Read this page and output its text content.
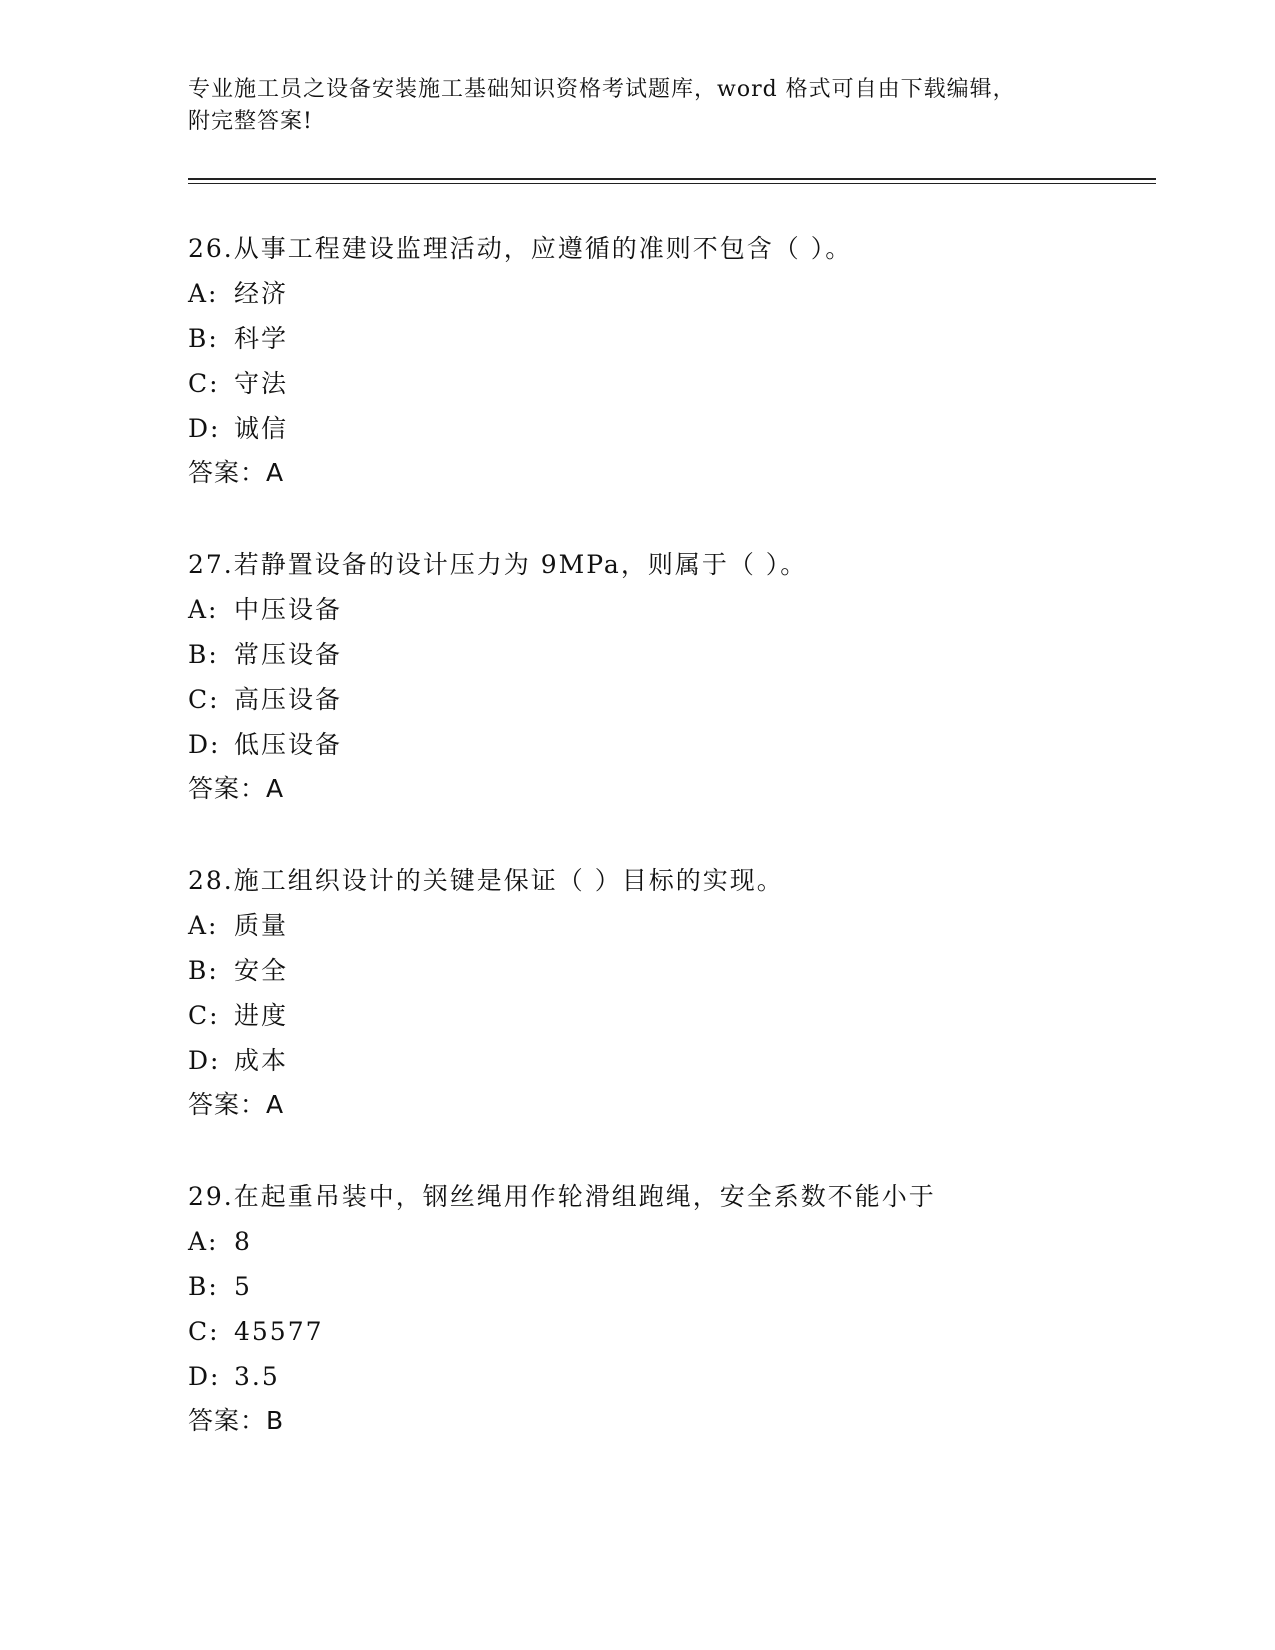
专业施工员之设备安装施工基础知识资格考试题库，word 格式可自由下载编辑，
附完整答案!
26.从事工程建设监理活动，应遵循的准则不包含（ ）。
A: 经济
B: 科学
C: 守法
D: 诚信
答案：A
27.若静置设备的设计压力为 9MPa，则属于（ ）。
A: 中压设备
B: 常压设备
C: 高压设备
D: 低压设备
答案：A
28.施工组织设计的关键是保证（ ）目标的实现。
A: 质量
B: 安全
C: 进度
D: 成本
答案：A
29.在起重吊装中，钢丝绳用作轮滑组跑绳，安全系数不能小于
A: 8
B: 5
C: 45577
D: 3.5
答案：B
